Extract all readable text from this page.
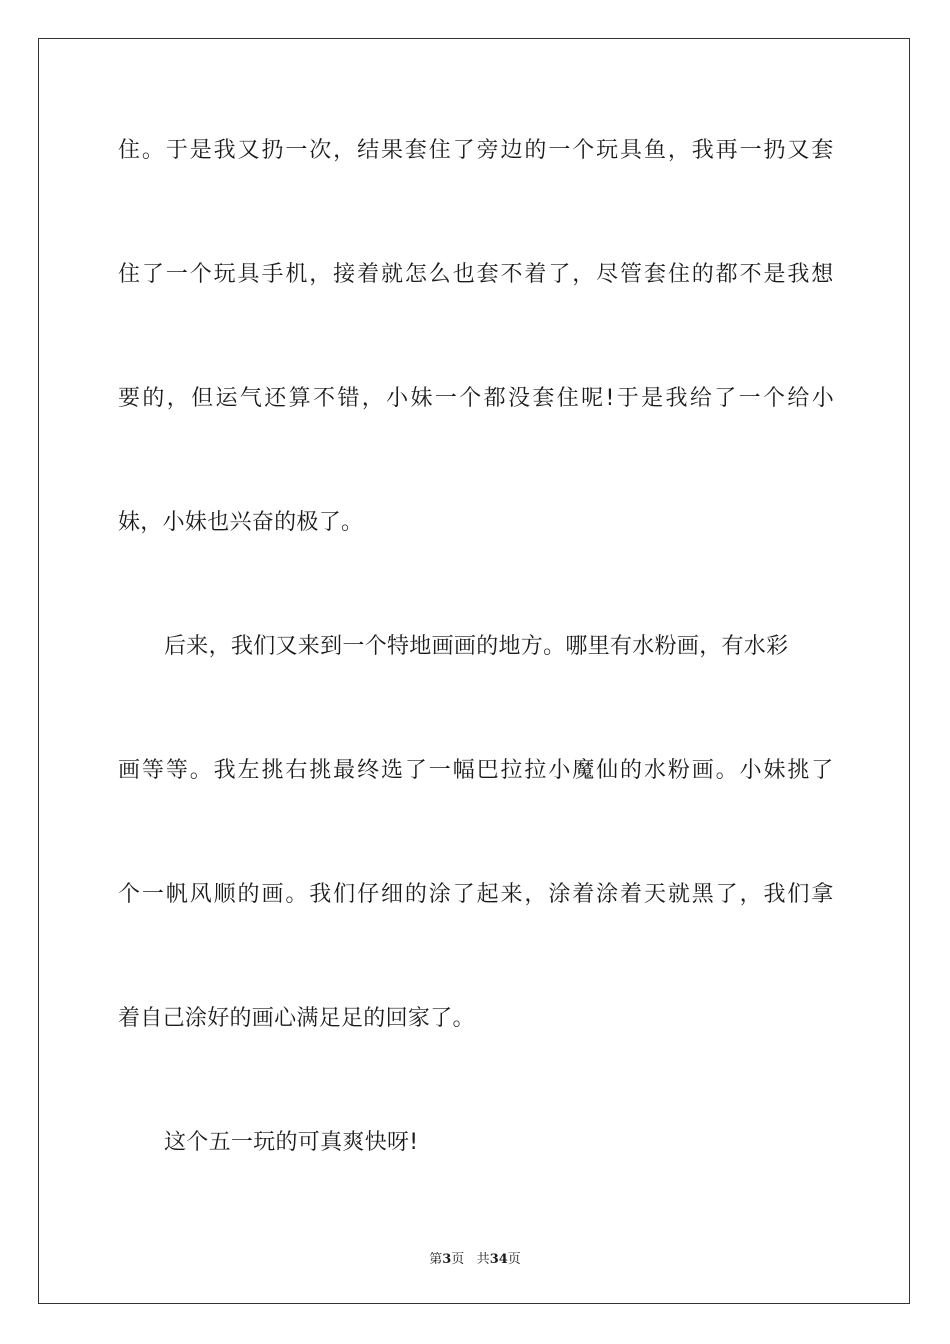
住 。 于 是 我 又 扔 一 次 ， 结 果 套 住 了 旁 边 的 一 个 玩 具 鱼 ， 我 再 一 扔 又 套
住 了 一 个 玩 具 手 机 ， 接 着 就 怎 么 也 套 不 着 了 ， 尽 管 套 住 的 都 不 是 我 想
要 的 ， 但 运 气 还 算 不 错 ， 小 妹 一 个 都 没 套 住 呢 ! 于 是 我 给 了 一 个 给 小
妹，小妹也兴奋的极了。
后来，我们又来到一个特地画画的地方。哪里有水粉画，有水彩
画 等 等 。 我 左 挑 右 挑 最 终 选 了 一 幅 巴 拉 拉 小 魔 仙 的 水 粉 画 。 小 妹 挑 了
个 一 帆 风 顺 的 画 。 我 们 仔 细 的 涂 了 起 来 ， 涂 着 涂 着 天 就 黑 了 ， 我 们 拿
着自己涂好的画心满足足的回家了。
这个五一玩的可真爽快呀!
第3页 共34页
